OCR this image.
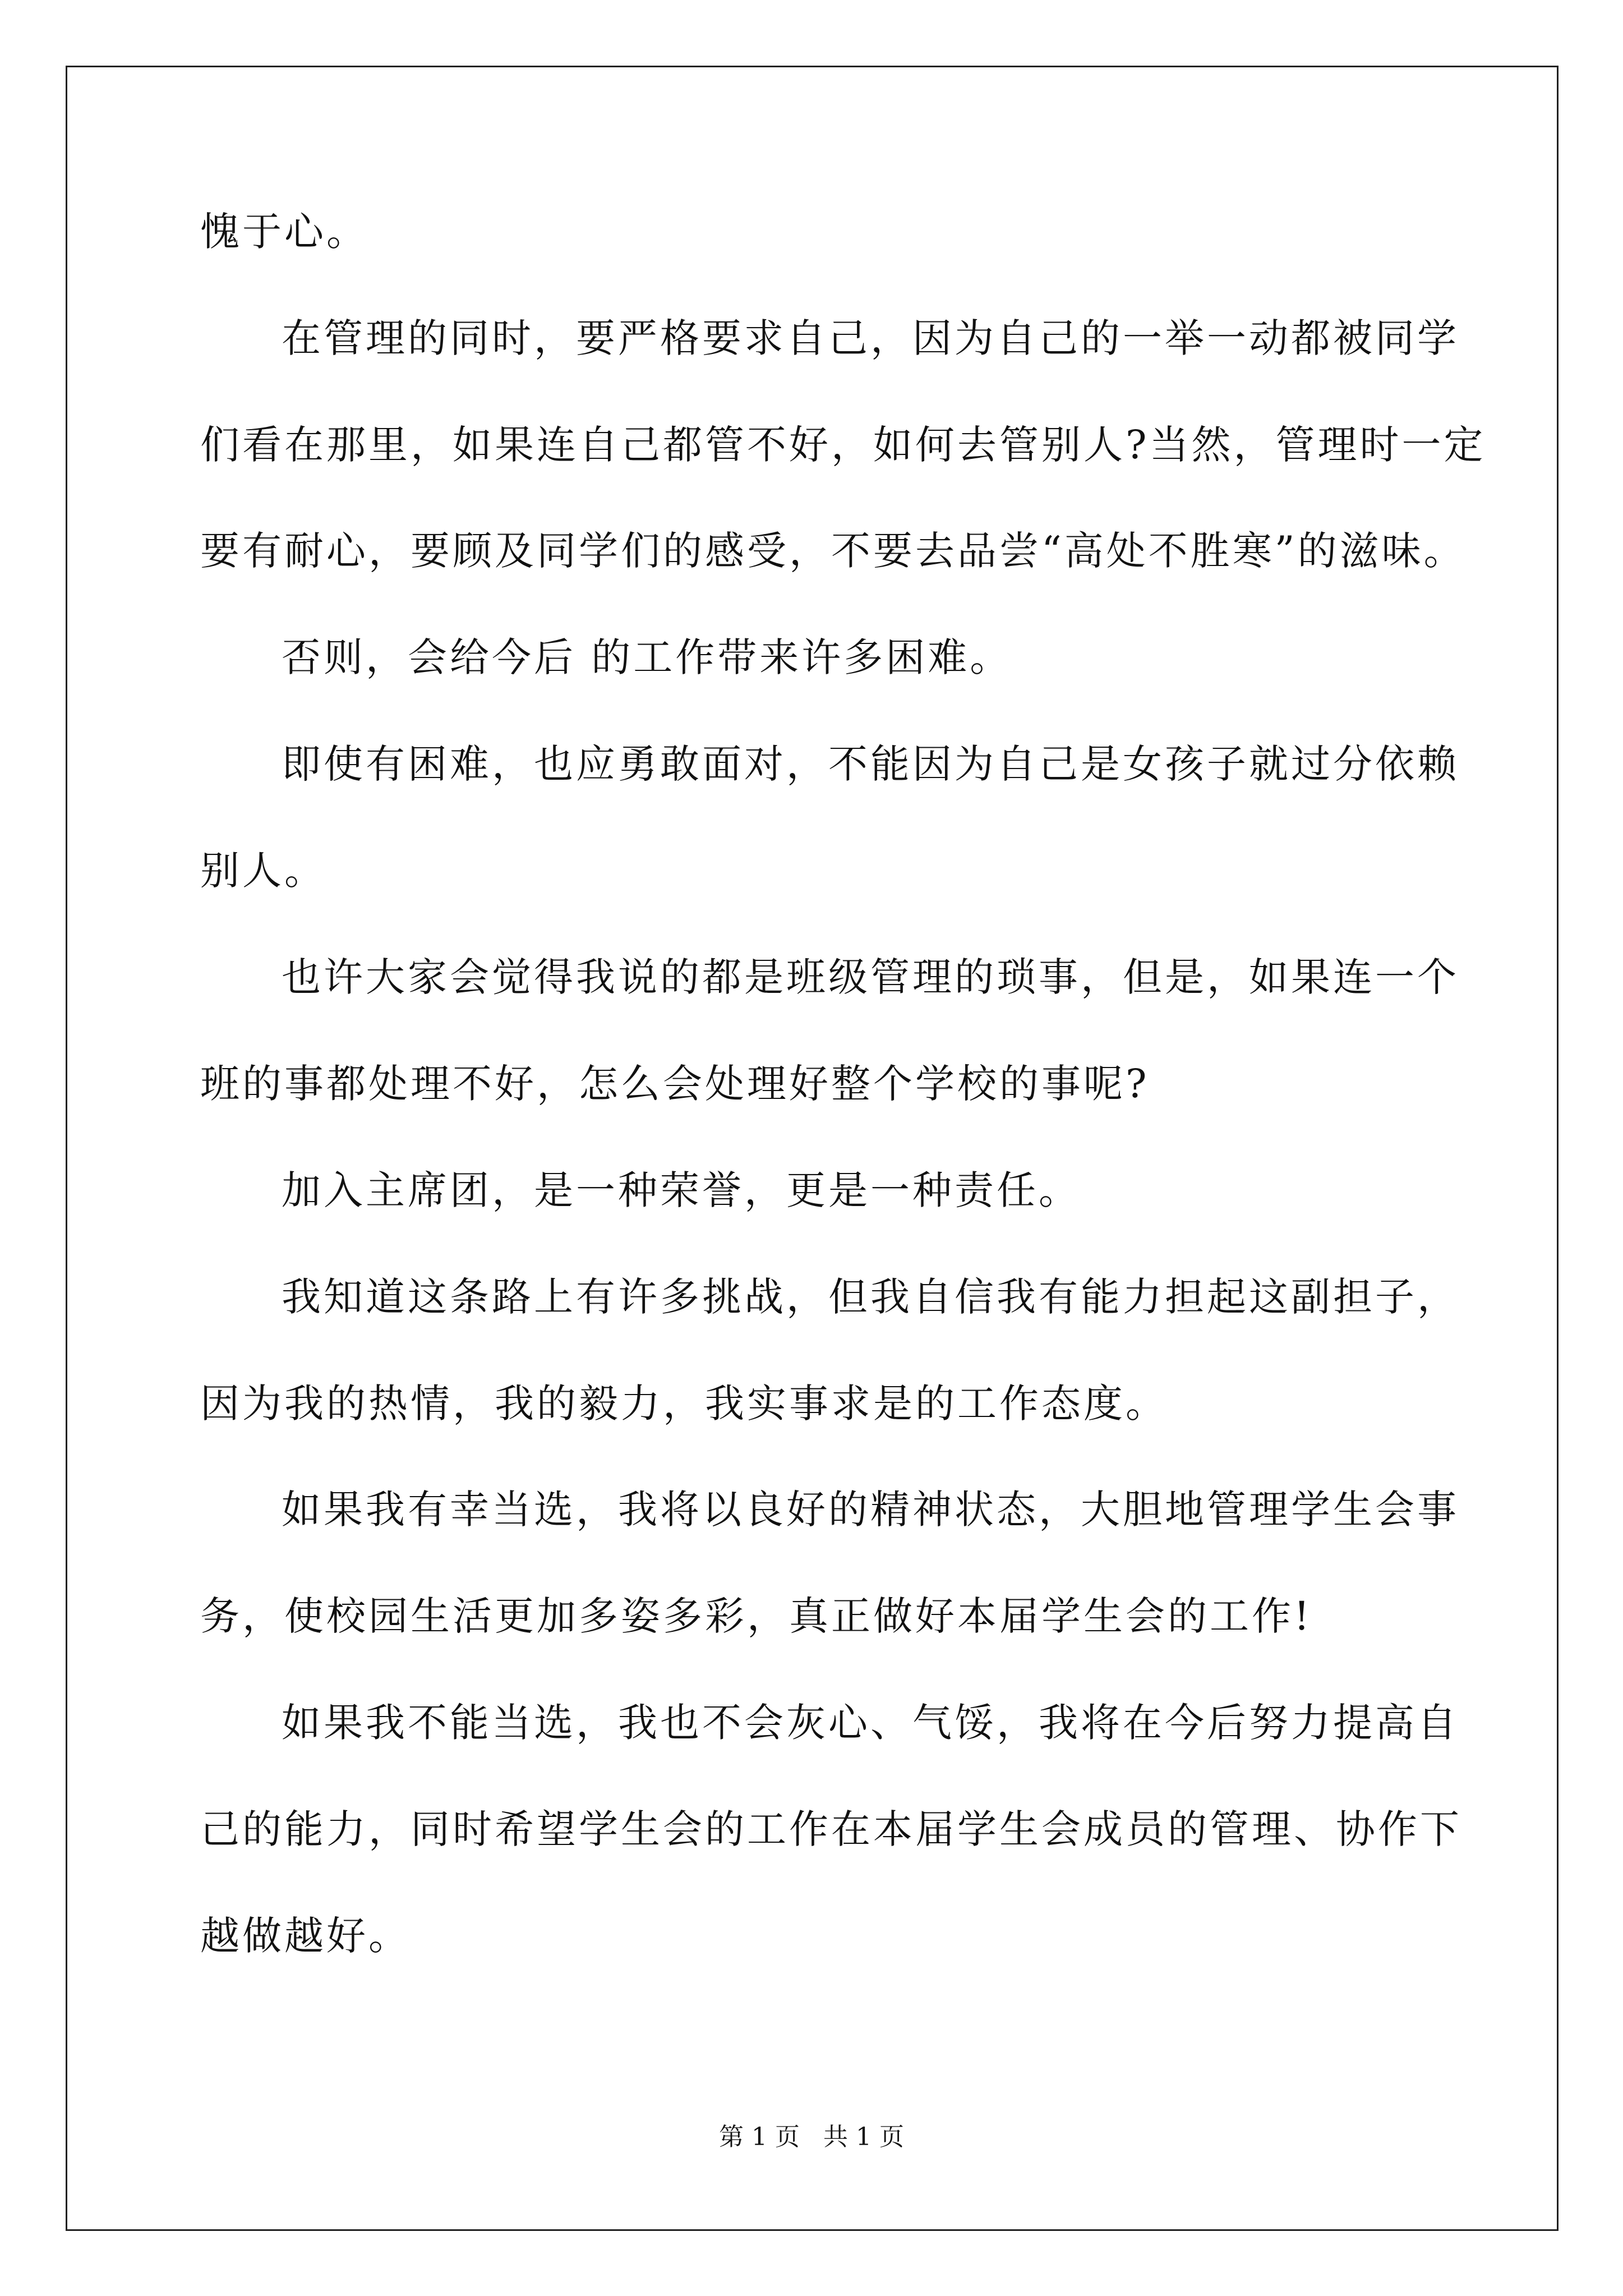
愧于心。
在管理的同时，要严格要求自己，因为自己的一举一动都被同学
们看在那里，如果连自己都管不好，如何去管别人?当然，管理时一定
要有耐心，要顾及同学们的感受，不要去品尝“高处不胜寒”的滋味。
否则，会给今后 的工作带来许多困难。
即使有困难，也应勇敢面对，不能因为自己是女孩子就过分依赖
别人。
也许大家会觉得我说的都是班级管理的琐事，但是，如果连一个
班的事都处理不好，怎么会处理好整个学校的事呢?
加入主席团，是一种荣誉，更是一种责任。
我知道这条路上有许多挑战，但我自信我有能力担起这副担子，
因为我的热情，我的毅力，我实事求是的工作态度。
如果我有幸当选，我将以良好的精神状态，大胆地管理学生会事
务，使校园生活更加多姿多彩，真正做好本届学生会的工作!
如果我不能当选，我也不会灰心、气馁，我将在今后努力提高自
己的能力，同时希望学生会的工作在本届学生会成员的管理、协作下
越做越好。
第 1 页   共 1 页
